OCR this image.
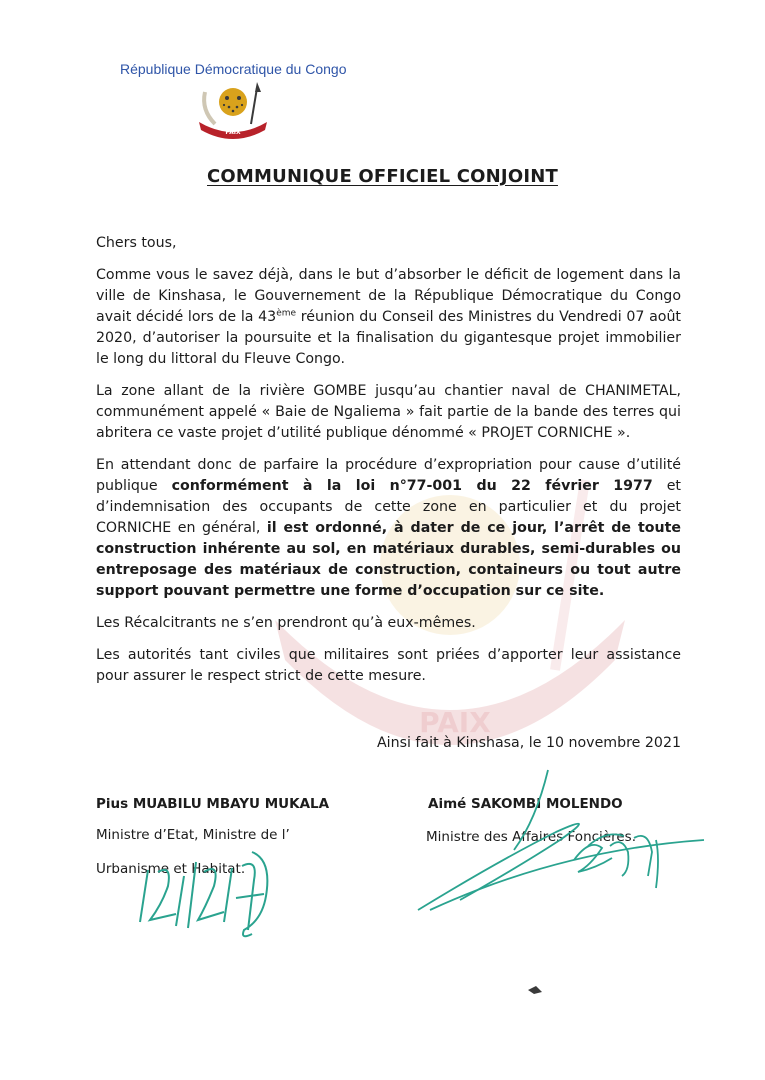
République Démocratique du Congo
PAIX
COMMUNIQUE OFFICIEL CONJOINT
PAIX

Chers tous,

Comme vous le savez déjà, dans le but d’absorber le déficit de logement dans la ville de Kinshasa, le Gouvernement de la République Démocratique du Congo avait décidé lors de la 43ème réunion du Conseil des Ministres du Vendredi 07 août 2020, d’autoriser la poursuite et la finalisation du gigantesque projet immobilier le long du littoral du Fleuve Congo.

La zone allant de la rivière GOMBE jusqu’au chantier naval de CHANIMETAL, communément appelé « Baie de Ngaliema » fait partie de la bande des terres qui abritera ce vaste projet d’utilité publique dénommé « PROJET CORNICHE ».

En attendant donc de parfaire la procédure d’expropriation pour cause d’utilité publique conformément à la loi n°77-001 du 22 février 1977 et d’indemnisation des occupants de cette zone en particulier et du projet CORNICHE en général, il est ordonné, à dater de ce jour, l’arrêt de toute construction inhérente au sol, en matériaux durables, semi-durables ou entreposage des matériaux de construction, containeurs ou tout autre support pouvant permettre une forme d’occupation sur ce site.

Les Récalcitrants ne s’en prendront qu’à eux-mêmes.

Les autorités tant civiles que militaires sont priées d’apporter leur assistance pour assurer le respect strict de cette mesure.

Ainsi fait à Kinshasa, le 10 novembre 2021
Pius MUABILU MBAYU MUKALA
Ministre d’Etat, Ministre de l’
Urbanisme et Habitat.
Aimé SAKOMBI MOLENDO
Ministre des Affaires Foncières.
